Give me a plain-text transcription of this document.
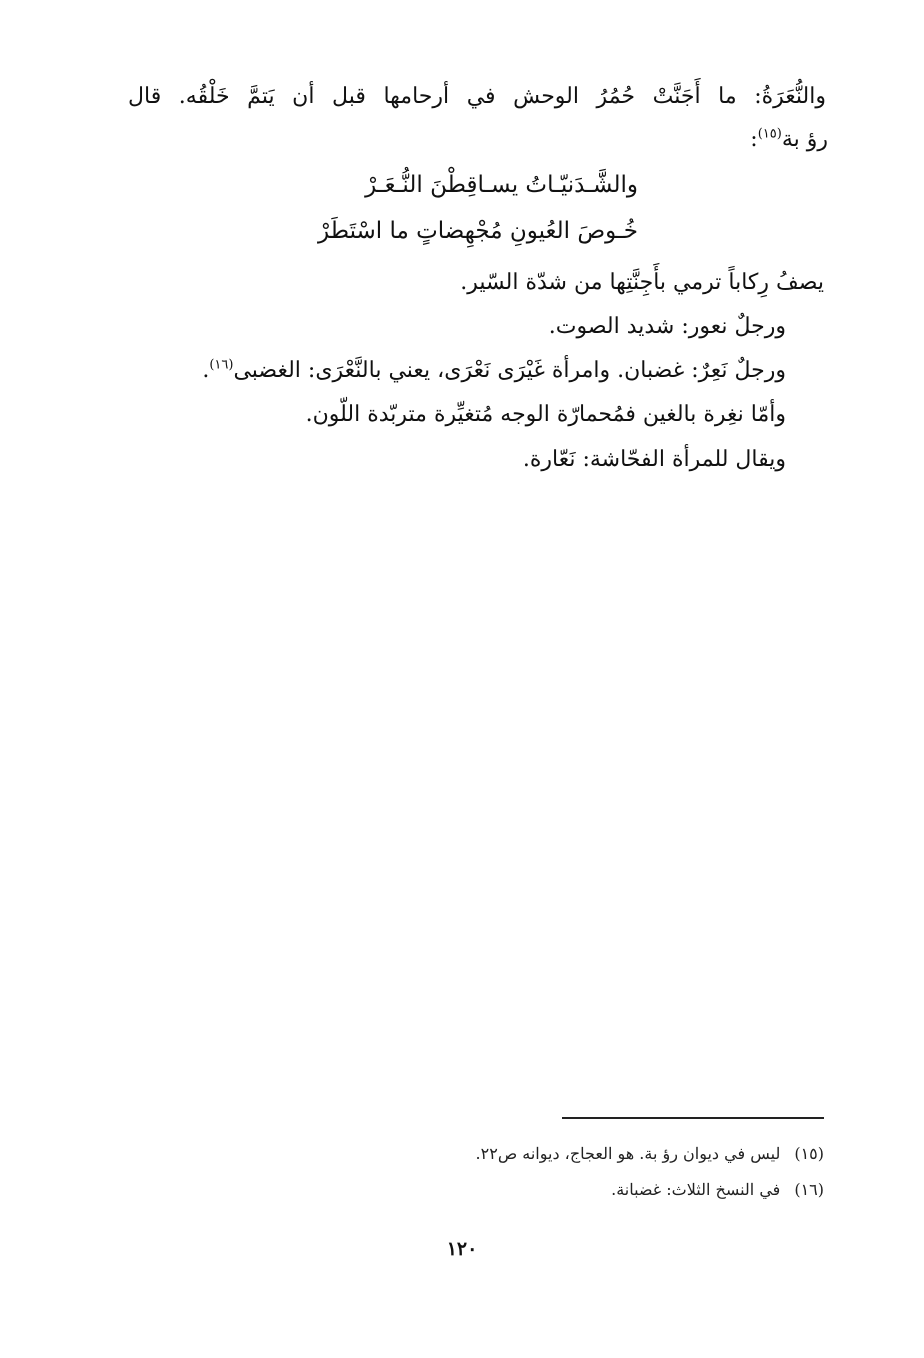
والنُّعَرَةُ: ما أَجَنَّتْ حُمُرُ الوحش في أرحامها قبل أن يَتمَّ خَلْقُه. قال
رؤ بة$^{(١٥)}$:
والشَّـدَنيّـاتُ يسـاقِطْنَ النُّـعَـرْ
خُـوصَ العُيونِ مُجْهِضاتٍ ما اسْتَطَرْ
يصفُ رِكاباً ترمي بأَجِنَّتِها من شدّة السّير.
ورجلٌ نعور: شديد الصوت.
ورجلٌ نَعِرٌ: غضبان. وامرأة غَيْرَى نَعْرَى، يعني بالنَّعْرَى: الغضبى$^{(١٦)}$.
وأمّا نغِرة بالغين فمُحمارّة الوجه مُتغيِّرة متربّدة اللّون.
ويقال للمرأة الفحّاشة: نَعّارة.
(١٥)ليس في ديوان رؤ بة. هو العجاج، ديوانه ص٢٢.
(١٦)في النسخ الثلاث: غضبانة.
١٢٠
